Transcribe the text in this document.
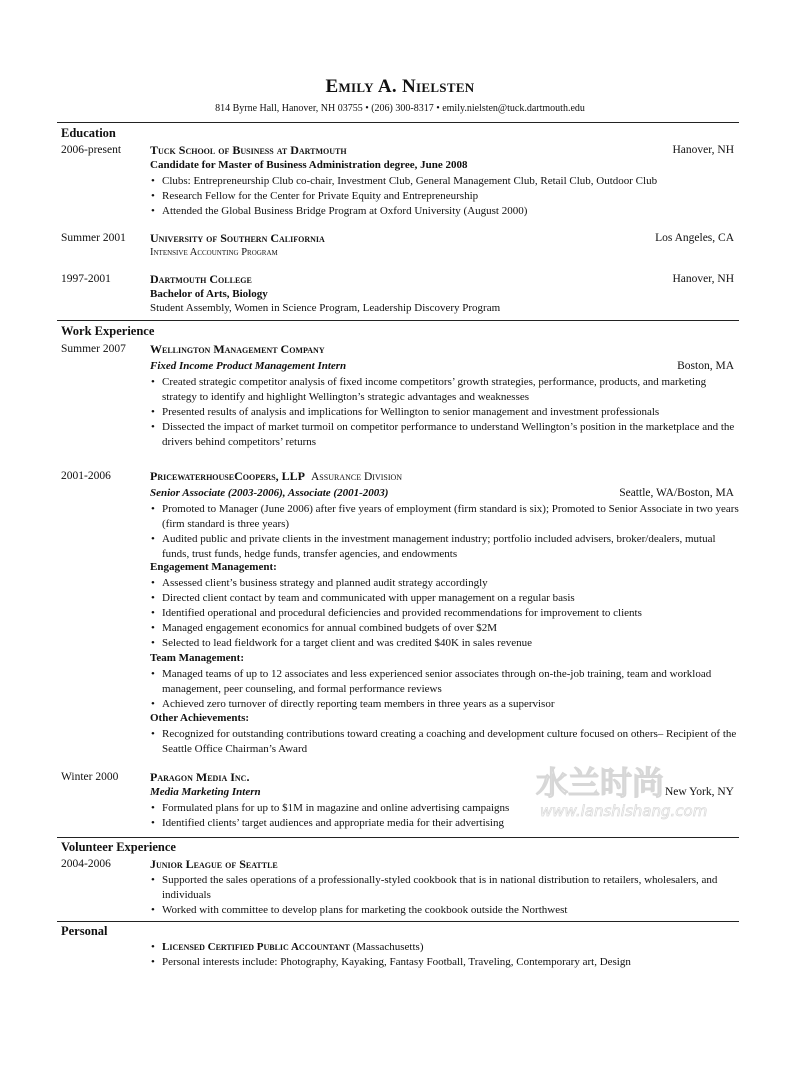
Emily A. Nielsten
814 Byrne Hall, Hanover, NH 03755 • (206) 300-8317 • emily.nielsten@tuck.dartmouth.edu
Education
2006-present Tuck School of Business at Dartmouth	Hanover, NH
Candidate for Master of Business Administration degree, June 2008
• Clubs: Entrepreneurship Club co-chair, Investment Club, General Management Club, Retail Club, Outdoor Club
• Research Fellow for the Center for Private Equity and Entrepreneurship
• Attended the Global Business Bridge Program at Oxford University (August 2000)
Summer 2001 University of Southern California	Los Angeles, CA
Intensive Accounting Program
1997-2001	Dartmouth College	Hanover, NH
Bachelor of Arts, Biology
Student Assembly, Women in Science Program, Leadership Discovery Program
Work Experience
Summer 2007 Wellington Management Company
Fixed Income Product Management Intern	Boston, MA
• Created strategic competitor analysis of fixed income competitors’ growth strategies, performance, products, and marketing strategy to identify and highlight Wellington’s strategic advantages and weaknesses
• Presented results of analysis and implications for Wellington to senior management and investment professionals
• Dissected the impact of market turmoil on competitor performance to understand Wellington’s position in the marketplace and the drivers behind competitors’ returns
2001-2006	PricewaterhouseCoopers, LLP Assurance Division
Senior Associate (2003-2006), Associate (2001-2003)	Seattle, WA/Boston, MA
• Promoted to Manager (June 2006) after five years of employment (firm standard is six); Promoted to Senior Associate in two years (firm standard is three years)
• Audited public and private clients in the investment management industry; portfolio included advisers, broker/dealers, mutual funds, trust funds, hedge funds, transfer agencies, and endowments
Engagement Management:
• Assessed client’s business strategy and planned audit strategy accordingly
• Directed client contact by team and communicated with upper management on a regular basis
• Identified operational and procedural deficiencies and provided recommendations for improvement to clients
• Managed engagement economics for annual combined budgets of over $2M
• Selected to lead fieldwork for a target client and was credited $40K in sales revenue
Team Management:
• Managed teams of up to 12 associates and less experienced senior associates through on-the-job training, team and workload management, peer counseling, and formal performance reviews
• Achieved zero turnover of directly reporting team members in three years as a supervisor
Other Achievements:
• Recognized for outstanding contributions toward creating a coaching and development culture focused on others– Recipient of the Seattle Office Chairman’s Award
Winter 2000	Paragon Media Inc.
Media Marketing Intern	New York, NY
• Formulated plans for up to $1M in magazine and online advertising campaigns
• Identified clients’ target audiences and appropriate media for their advertising
Volunteer Experience
2004-2006	Junior League of Seattle
• Supported the sales operations of a professionally-styled cookbook that is in national distribution to retailers, wholesalers, and individuals
• Worked with committee to develop plans for marketing the cookbook outside the Northwest
Personal
• Licensed Certified Public Accountant (Massachusetts)
• Personal interests include: Photography, Kayaking, Fantasy Football, Traveling, Contemporary art, Design
水兰时尚
www.lanshishang.com
